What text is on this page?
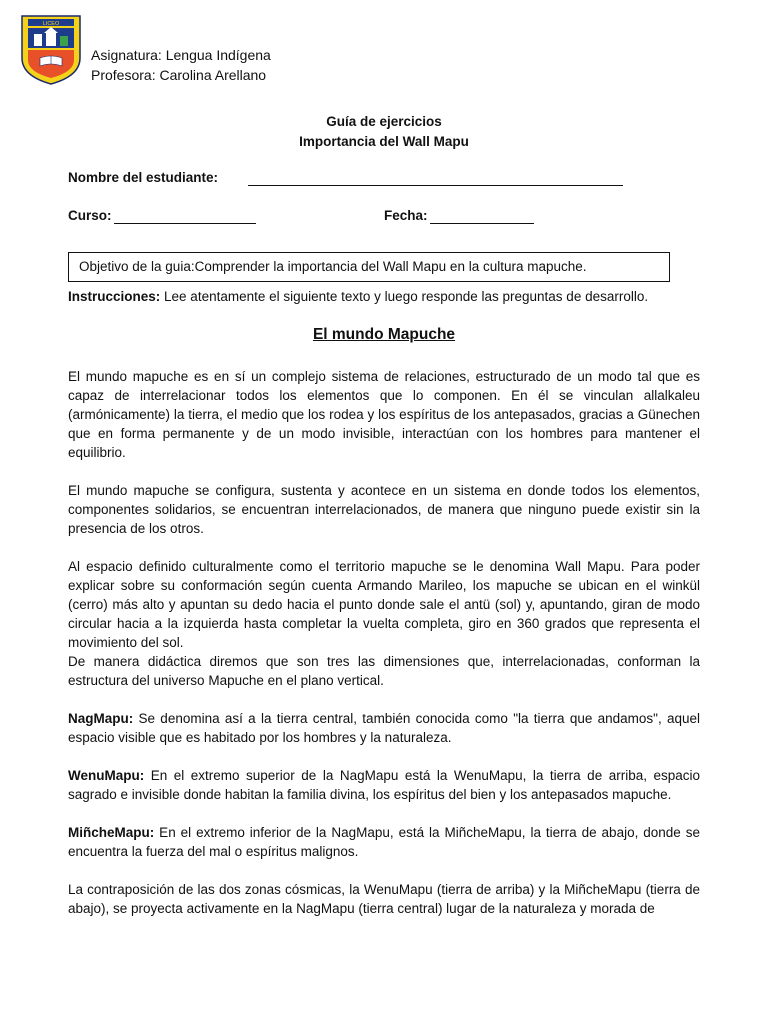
LICEO
Asignatura: Lengua Indígena
Profesora: Carolina Arellano
Guía de ejercicios
Importancia del Wall Mapu
Nombre del estudiante:
Curso:	Fecha:
Objetivo de la guia:Comprender la importancia del Wall Mapu en la cultura mapuche.
Instrucciones: Lee atentamente el siguiente texto y luego responde las preguntas de desarrollo.
El mundo Mapuche

El mundo mapuche es en sí un complejo sistema de relaciones, estructurado de un modo tal que es capaz de interrelacionar todos los elementos que lo componen. En él se vinculan allalkaleu (armónicamente) la tierra, el medio que los rodea y los espíritus de los antepasados, gracias a Günechen que en forma permanente y de un modo invisible, interactúan con los hombres para mantener el equilibrio.

El mundo mapuche se configura, sustenta y acontece en un sistema en donde todos los elementos, componentes solidarios, se encuentran interrelacionados, de manera que ninguno puede existir sin la presencia de los otros.

Al espacio definido culturalmente como el territorio mapuche se le denomina Wall Mapu. Para poder explicar sobre su conformación según cuenta Armando Marileo, los mapuche se ubican en el winkül (cerro) más alto y apuntan su dedo hacia el punto donde sale el antü (sol) y, apuntando, giran de modo circular hacia a la izquierda hasta completar la vuelta completa, giro en 360 grados que representa el movimiento del sol.

De manera didáctica diremos que son tres las dimensiones que, interrelacionadas, conforman la estructura del universo Mapuche en el plano vertical.

NagMapu: Se denomina así a la tierra central, también conocida como "la tierra que andamos", aquel espacio visible que es habitado por los hombres y la naturaleza.

WenuMapu: En el extremo superior de la NagMapu está la WenuMapu, la tierra de arriba, espacio sagrado e invisible donde habitan la familia divina, los espíritus del bien y los antepasados mapuche.

MiñcheMapu: En el extremo inferior de la NagMapu, está la MiñcheMapu, la tierra de abajo, donde se encuentra la fuerza del mal o espíritus malignos.

La contraposición de las dos zonas cósmicas, la WenuMapu (tierra de arriba) y la MiñcheMapu (tierra de abajo), se proyecta activamente en la NagMapu (tierra central) lugar de la naturaleza y morada de
